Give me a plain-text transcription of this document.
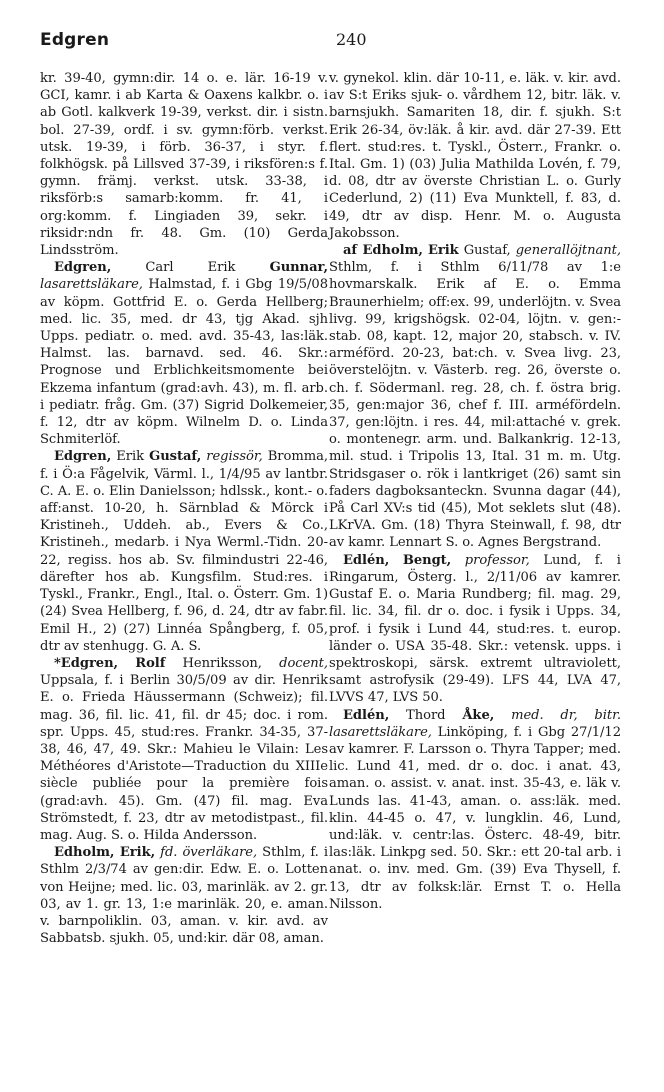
Edgren	240

kr. 39-40, gymn:dir. 14 o. e. lär. 16-19 v. GCI, kamr. i ab Karta & Oaxens kalkbr. o. i ab Gotl. kalkverk 19-39, verkst. dir. i sistn. bol. 27-39, ordf. i sv. gymn:förb. verkst. utsk. 19-39, i förb. 36-37, i styr. f. folkhögsk. på Lillsved 37-39, i riksfören:s f. gymn. främj. verkst. utsk. 33-38, i riksförb:s samarb:komm. fr. 41, i org:komm. f. Lingiaden 39, sekr. i riksidr:ndn fr. 48. Gm. (10) Gerda Lindsström.

Edgren,	Carl Erik	Gunnar, lasarettsläkare, Halmstad, f. i Gbg 19/5/08 av köpm. Gottfrid E. o. Gerda Hellberg; med. lic. 35, med. dr 43, tjg Akad. sjh Upps. pediatr. o. med. avd. 35-43, las:läk. Halmst. las. barnavd. sed. 46. Skr.: Prognose und Erblichkeitsmomente bei Ekzema infantum (grad:avh. 43), m. fl. arb. i pediatr. fråg. Gm. (37) Sigrid Dolkemeier, f. 12, dtr av köpm. Wilnelm D. o. Linda Schmiterlöf.

Edgren, Erik Gustaf, regissör, Bromma, f. i Ö:a Fågelvik, Värml. l., 1/4/95 av lantbr. C. A. E. o. Elin Danielsson; hdlssk., kont.- o. aff:anst. 10-20, h. Särnblad & Mörck i Kristineh., Uddeh. ab., Evers & Co., Kristineh., medarb. i Nya Werml.-Tidn. 20-22, regiss. hos ab. Sv. filmindustri 22-46, därefter hos ab. Kungsfilm. Stud:res. i Tyskl., Frankr., Engl., Ital. o. Österr. Gm. 1) (24) Svea Hellberg, f. 96, d. 24, dtr av fabr. Emil H., 2) (27) Linnéa Spångberg, f. 05, dtr av stenhugg. G. A. S.

*Edgren, Rolf Henriksson, docent, Uppsala, f. i Berlin 30/5/09 av dir. Henrik E. o. Frieda Häussermann (Schweiz); fil. mag. 36, fil. lic. 41, fil. dr 45; doc. i rom. spr. Upps. 45, stud:res. Frankr. 34-35, 37-38, 46, 47, 49. Skr.: Mahieu le Vilain: Les Méthéores d'Aristote—Traduction du XIIIe siècle publiée pour la première fois (grad:avh. 45). Gm. (47) fil. mag. Eva Strömstedt, f. 23, dtr av metodistpast., fil. mag. Aug. S. o. Hilda Andersson.

Edholm, Erik, fd. överläkare, Sthlm, f. i Sthlm 2/3/74 av gen:dir. Edw. E. o. Lotten von Heijne; med. lic. 03, marinläk. av 2. gr. 03, av 1. gr. 13, 1:e marinläk. 20, e. aman. v. barnpoliklin. 03, aman. v. kir. avd. av Sabbatsb. sjukh. 05, und:kir. där 08, aman.

v. gynekol. klin. där 10-11, e. läk. v. kir. avd. av S:t Eriks sjuk- o. vårdhem 12, bitr. läk. v. barnsjukh. Samariten 18, dir. f. sjukh. S:t Erik 26-34, öv:läk. å kir. avd. där 27-39. Ett flert. stud:res. t. Tyskl., Österr., Frankr. o. Ital. Gm. 1) (03) Julia Mathilda Lovén, f. 79, d. 08, dtr av överste Christian L. o. Gurly Cederlund, 2) (11) Eva Munktell, f. 83, d. 49, dtr av disp. Henr. M. o. Augusta Jakobsson.

af Edholm, Erik Gustaf, generallöjtnant, Sthlm, f. i Sthlm 6/11/78 av 1:e hovmarskalk. Erik af E. o. Emma Braunerhielm; off:ex. 99, underlöjtn. v. Svea livg. 99, krigshögsk. 02-04, löjtn. v. gen:-stab. 08, kapt. 12, major 20, stabsch. v. IV. arméförd. 20-23, bat:ch. v. Svea livg. 23, överstelöjtn. v. Västerb. reg. 26, överste o. ch. f. Södermanl. reg. 28, ch. f. östra brig. 35, gen:major 36, chef f. III. arméfördeln. 37, gen:löjtn. i res. 44, mil:attaché v. grek. o. montenegr. arm. und. Balkankrig. 12-13, mil. stud. i Tripolis 13, Ital. 31 m. m. Utg. Stridsgaser o. rök i lantkriget (26) samt sin faders dagboksanteckn. Svunna dagar (44), På Carl XV:s tid (45), Mot seklets slut (48). LKrVA. Gm. (18) Thyra Steinwall, f. 98, dtr av kamr. Lennart S. o. Agnes Bergstrand.

Edlén, Bengt, professor, Lund, f. i Ringarum, Österg. l., 2/11/06 av kamrer. Gustaf E. o. Maria Rundberg; fil. mag. 29, fil. lic. 34, fil. dr o. doc. i fysik i Upps. 34, prof. i fysik i Lund 44, stud:res. t. europ. länder o. USA 35-48. Skr.: vetensk. upps. i spektroskopi, särsk. extremt ultraviolett, samt astrofysik (29-49). LFS 44, LVA 47, LVVS 47, LVS 50.

Edlén, Thord Åke, med. dr, bitr. lasarettsläkare, Linköping, f. i Gbg 27/1/12 av kamrer. F. Larsson o. Thyra Tapper; med. lic. Lund 41, med. dr o. doc. i anat. 43, aman. o. assist. v. anat. inst. 35-43, e. läk v. Lunds las. 41-43, aman. o. ass:läk. med. klin. 44-45 o. 47, v. lungklin. 46, Lund, und:läk. v. centr:las. Österс. 48-49, bitr. las:läk. Linkpg sed. 50. Skr.: ett 20-tal arb. i anat. o. inv. med. Gm. (39) Eva Thysell, f. 13, dtr av folksk:lär. Ernst T. o. Hella Nilsson.
